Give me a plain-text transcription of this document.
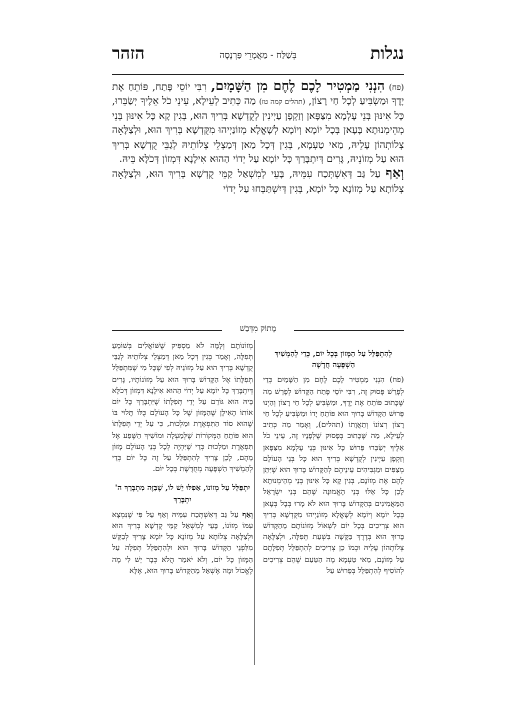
נגלות
בְּשַׁלַּח - מַאֲמָרֵי פַּרְנָסָה
הזהר

(פח) הִנְנִי מַמְטִיר לָכֶם לֶחֶם מִן הַשָּׁמָיִם, רִבִּי יוֹסֵי פָּתַח, פּוֹתֵחַ אֶת יָדֶךָ וּמַשְׂבִּיעַ לְכָל חַי רָצוֹן, (תהלים קמה טז) מַה כְּתִיב לְעֵילָא, עֵינֵי כֹל אֵלֶיךָ יְשַׂבֵּרוּ, כָּל אִינּוּן בְּנֵי עָלְמָא מִצַּפָּאן וְזַקְפָן עַיְינִין לְקֻדְשָׁא בְּרִיךְ הוּא, בְּגִין קָא כָּל אִינּוּן בְּנֵי מְהֵימְנוּתָא בָּעָאן בְּכָל יוֹמָא וְיוֹמָא לְשָׁאֳלָא מְזוֹנַיְיהוּ מִקֻּדְשָׁא בְּרִיךְ הוּא, וּלְצַלָּאָה צְלוֹתְהוֹן עָלֵיהּ, מַאי טַעְמָא, בְּגִין דְּכָל מַאן דְּמַצְלֵי צְלוֹתֵיהּ לְגַבֵּי קֻדְשָׁא בְּרִיךְ הוּא עַל מְזוֹנֵיהּ, גָּרִים דְּיִתְבָּרַךְ כָּל יוֹמָא עַל יְדוֹי הַהוּא אִילָנָא דִּמְזוֹן דְּכֹלָּא בֵּיהּ.

וְאַף עַל גַּב דְּאִשְׁתְּכַח עִמֵּיהּ, בָּעֵי לְמִשְׁאַל קַמֵּי קֻדְשָׁא בְּרִיךְ הוּא, וּלְצַלָּאָה צְלוֹתָא עַל מְזוֹנָא כָּל יוֹמָא, בְּגִין דְּיִשְׁתַּבְּחוּ עַל יְדוֹי

מָתוֹק מִדְּבַשׁ

לְהִתְפַּלֵּל עַל הַמָּזוֹן בְּכָל יוֹם, כְּדֵי לְהַמְשִׁיךְ הַשְׁפָּעָה חֲדָשָׁה

(פח) הִנְנִי מַמְטִיר לָכֶם לֶחֶם מִן הַשָּׁמַיִם כְּדֵי לְפָרֵשׁ פָּסוּק זֶה, רִבִּי יוֹסֵי פָּתַח הַקָּדוֹשׁ לְפָרֵשׁ מַה שֶּׁכָּתוּב פּוֹתֵחַ אֶת יָדֶךָ, וּמַשְׂבִּיעַ לְכָל חַי רָצוֹן וְהַיְנוּ פֵּרוּשׁ הַקָּדוֹשׁ בָּרוּךְ הוּא פּוֹתֵחַ יָדוֹ וּמַשְׂבִּיעַ לְכָל חַי רָצוֹן רְצוֹנוֹ וְתַאֲוָתוֹ (תהלים), וְאָמַר מַה כְּתִיב לְעֵילָא, מַה שֶּׁכָּתוּב בְּפָסוּק שֶׁלְּפָנָיו זֶה, עֵינֵי כֹל אֵלֶיךָ יְשַׂבֵּרוּ פֵּרוּשׁ כָּל אִינּוּן בְּנֵי עָלְמָא מִצַּפָּאן וְזַקְפָן עַיְינִין לְקֻדְשָׁא בְּרִיךְ הוּא כָּל בְּנֵי הָעוֹלָם מְצַפִּים וּמַגְבִּיהִים עֵינֵיהֶם לְהַקָּדוֹשׁ בָּרוּךְ הוּא שֶׁיִּתֵּן לָהֶם אֶת מְזוֹנָם, בְּגִין קָא כָּל אִינּוּן בְּנֵי מְהֵימְנוּתָא לָכֵן כָּל אֵלּוּ בְּנֵי הָאֱמוּנָה שֶׁהֵם בְּנֵי יִשְׂרָאֵל הַמַּאֲמִינִים בְּהַקָּדוֹשׁ בָּרוּךְ הוּא לֹא מָרוּ בְּבָל בְּעָאן בְּכָל יוֹמָא וְיוֹמָא לְשָׁאֳלָא מְזוֹנַיְיהוּ מִקֻּדְשָׁא בְּרִיךְ הוּא צְרִיכִים בְּכָל יוֹם לִשְׁאוֹל מְזוֹנוֹתָם מֵהַקָּדוֹשׁ בָּרוּךְ הוּא בְּדֶרֶךְ בַּקָּשָׁה בִּשְׁעַת תְּפִלָּה, וּלְצַלָּאָה צְלוֹתְהוֹן עָלֵיהּ וּכְמוֹ כֵן צְרִיכִים לְהִתְפַּלֵּל תְּפִלָּתָם עַל מְזוֹנָם, מַאי טַעְמָא מָה הַטַּעַם שֶׁהֵם צְרִיכִים לְהוֹסִיף לְהִתְפַּלֵּל בְּפֵרוּשׁ עַל

מְזוֹנוֹתָם וְלָמָּה לֹא מַסְפִּיק שֶׁשּׁוֹאֲלִים בְּשׁוֹמֵעַ תְּפִלָּה, וְאָמַר בְּגִין דְּכָל מַאן דְּמַצְלֵי צְלוֹתֵיהּ לְגַבֵּי קֻדְשָׁא בְּרִיךְ הוּא עַל מְזוֹנֵיהּ לְפִי שֶׁכָּל מִי שֶׁמִּתְפַּלֵּל תְּפִלָּתוֹ אֶל הַקָּדוֹשׁ בָּרוּךְ הוּא עַל מְזוֹנוֹתָיו, גָּרִים דְּיִתְבָּרַךְ כָּל יוֹמָא עַל יְדוֹי הַהוּא אִילָנָא דִּמְזוֹן דְּכֹלָּא בֵּיהּ הוּא גּוֹרֵם עַל יְדֵי תְּפִלָּתוֹ שֶׁיִּתְבָּרֵךְ כָּל יוֹם אוֹתוֹ הָאִילָן שֶׁהַמָּזוֹן שֶׁל כָּל הָעוֹלָם כֻּלּוֹ תָּלוּי בּוֹ שֶׁהוּא סוֹד הַתִּפְאֶרֶת וּמַלְכוּת, כִּי עַל יְדֵי תְּפִלָּתוֹ הוּא פּוֹתֵחַ הַמְּקוֹרוֹת שֶׁלְּמַעְלָה וּמוֹשִׁיךְ הַשֶּׁפַע אֶל תִּפְאֶרֶת וּמַלְכוּת כְּדֵי שֶׁיִּהְיֶה לְכָל בְּנֵי הָעוֹלָם מָזוֹן מֵהֶם, לָכֵן צָרִיךְ לְהִתְפַּלֵּל עַל זֶה כָּל יוֹם כְּדֵי לְהַמְשִׁיךְ הַשְׁפָּעָה מְחֻדֶּשֶׁת בְּכָל יוֹם.

יִתְפַּלֵּל עַל מְזוֹנוֹ, אַפִלּוּ יֵשׁ לוֹ, שֶׁבַּזֶּה מִתְבָּרֵךְ ה' יִתְבָּרֵךְ

וְאַף עַל גַּב דְּאִשְׁתְּכַח עִמֵּיהּ וְאַף עַל פִּי שֶׁנִּמְצָא עִמּוֹ מְזוֹנוֹ, בָּעֵי לְמִשְׁאַל קַמֵּי קֻדְשָׁא בְּרִיךְ הוּא וּלְצַלָּאָה צְלוֹתָא עַל מְזוֹנָא כָּל יוֹמָא צָרִיךְ לְבַקֵּשׁ מִלִּפְנֵי הַקָּדוֹשׁ בָּרוּךְ הוּא וּלְהִתְפַּלֵּל תְּפִלָּה עַל הַמָּזוֹן כָּל יוֹם, וְלֹא יֹאמַר הֲלֹא כְּבָר יֵשׁ לִי מָה לֶאֱכוֹל וּמָה אֶשְׁאַל מֵהַקָּדוֹשׁ בָּרוּךְ הוּא, אֶלָּא
